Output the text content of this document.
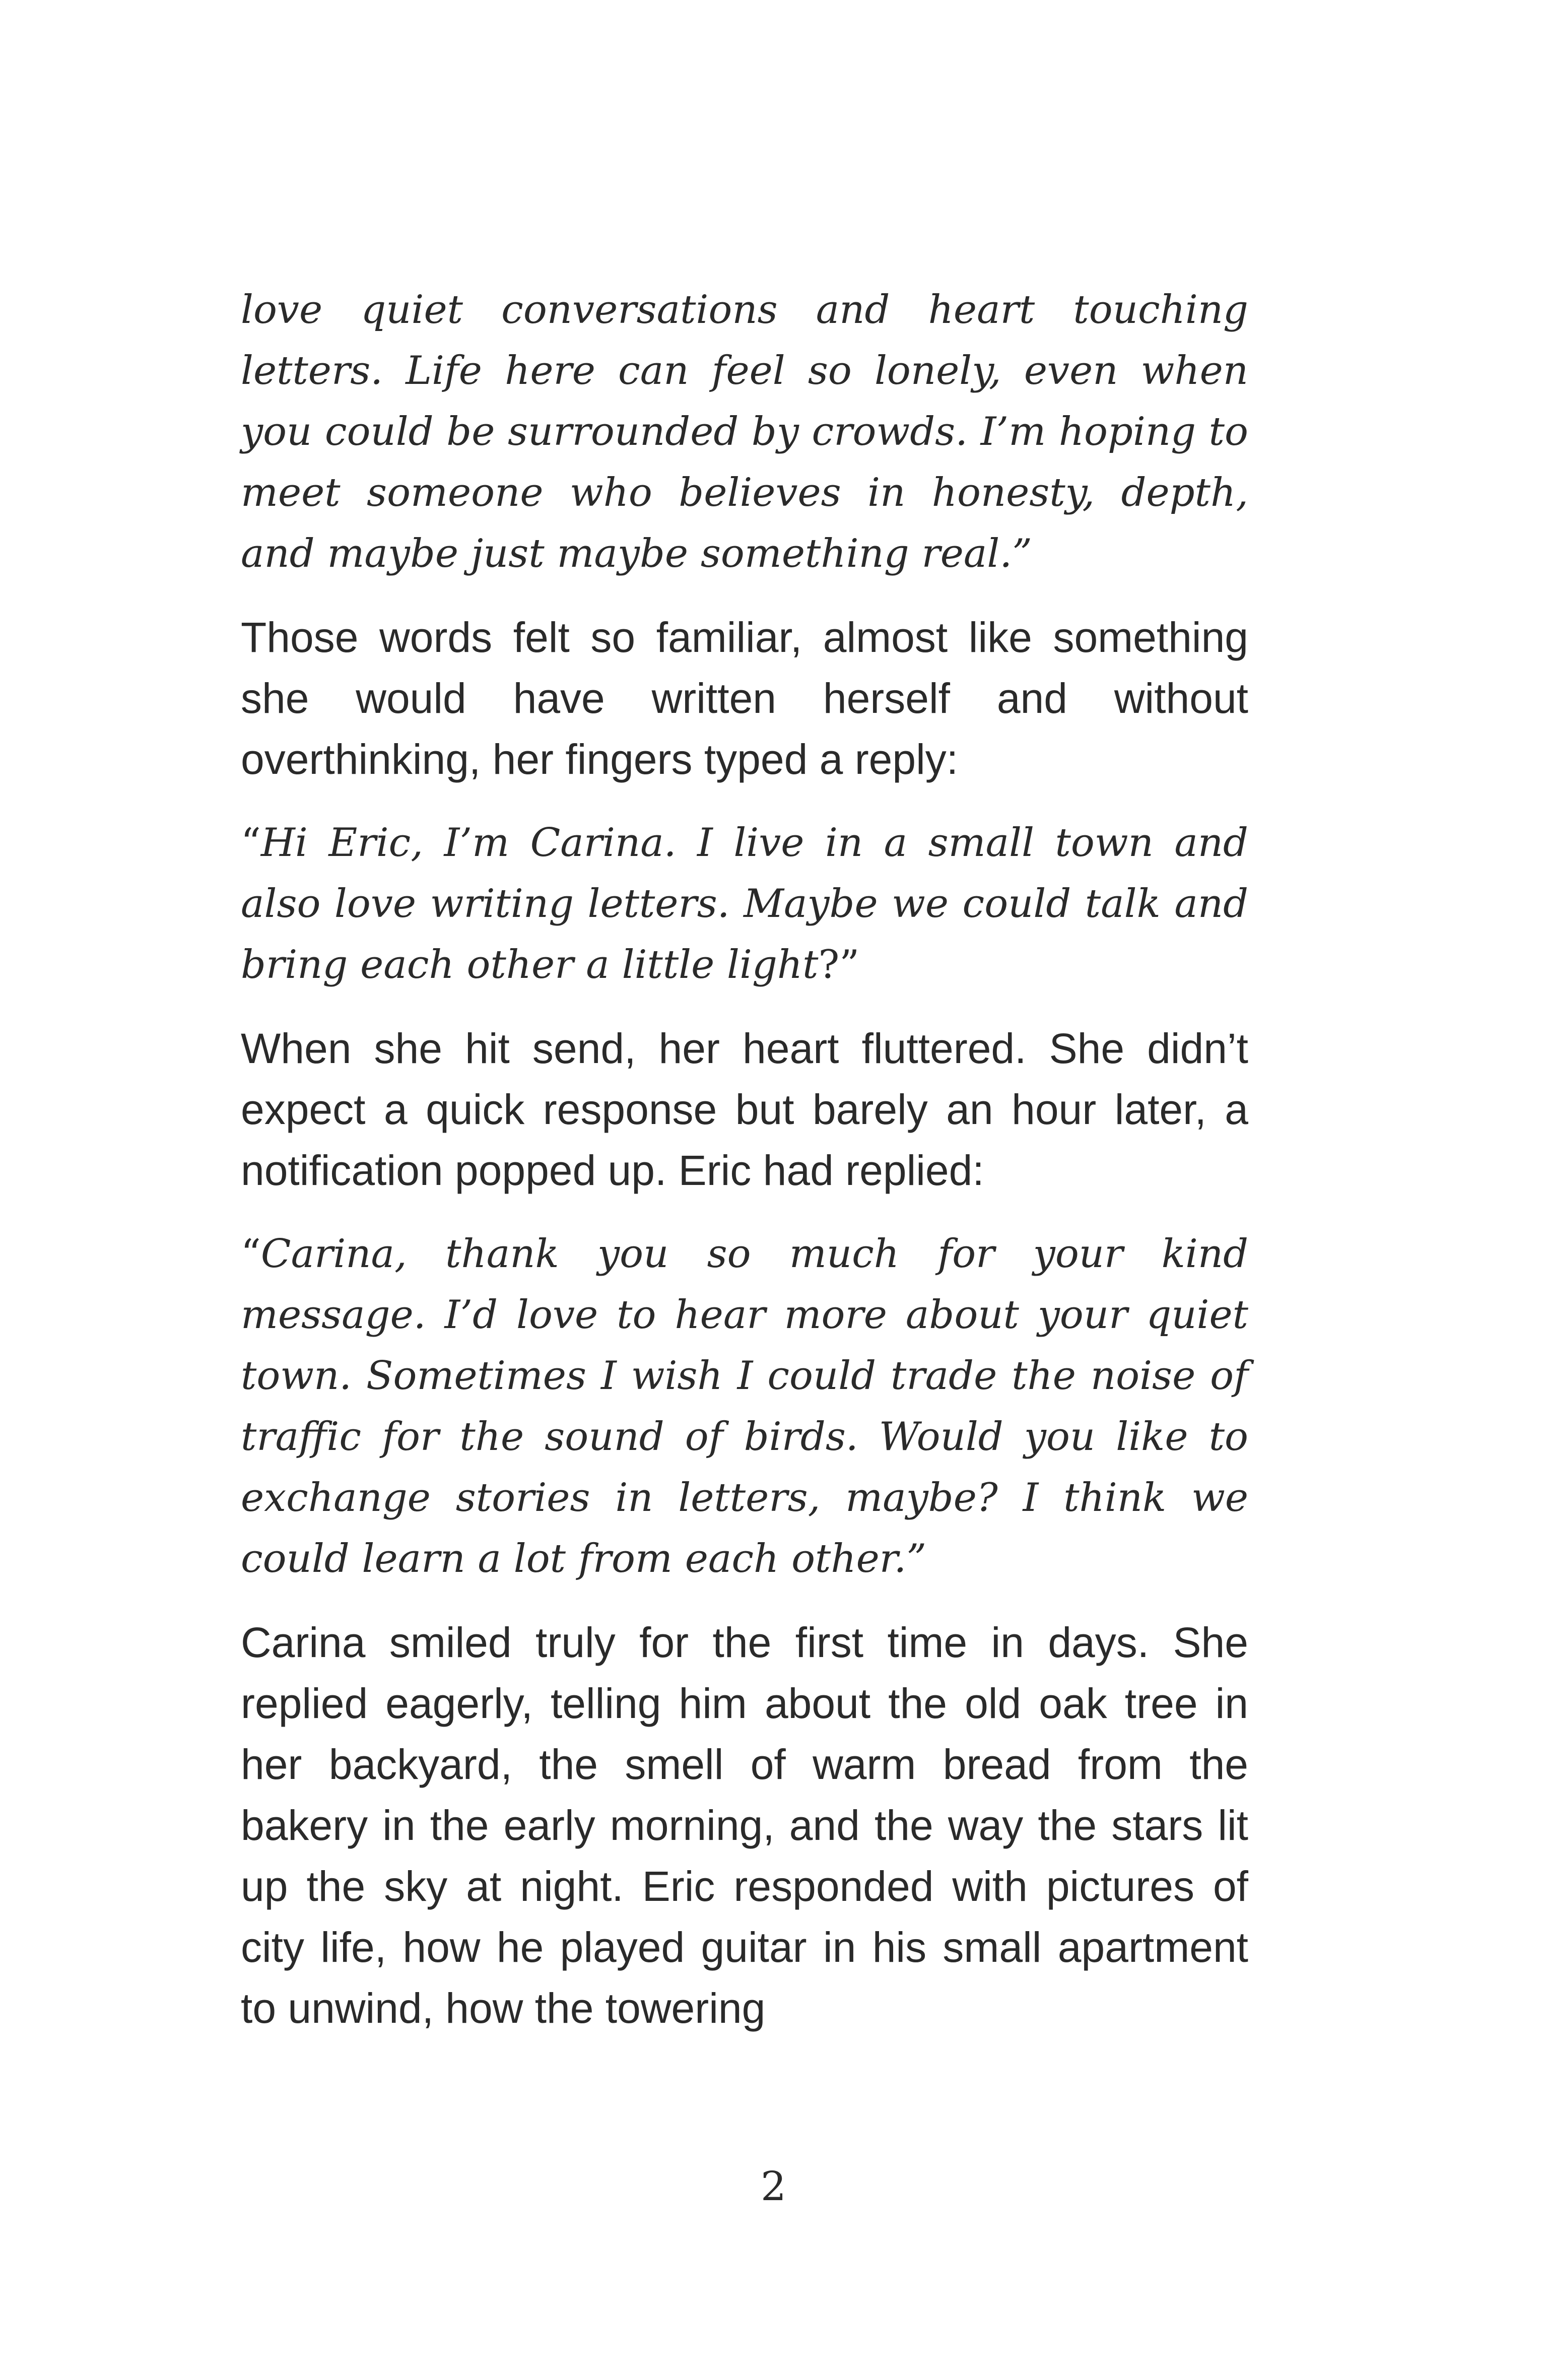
love quiet conversations and heart touching letters. Life here can feel so lonely, even when you could be surrounded by crowds. I’m hoping to meet someone who believes in honesty, depth, and maybe just maybe something real.”

Those words felt so familiar, almost like something she would have written herself and without overthinking, her fingers typed a reply:

“Hi Eric, I’m Carina. I live in a small town and also love writing letters. Maybe we could talk and bring each other a little light?”

When she hit send, her heart fluttered. She didn’t expect a quick response but barely an hour later, a notification popped up. Eric had replied:

“Carina, thank you so much for your kind message. I’d love to hear more about your quiet town. Sometimes I wish I could trade the noise of traffic for the sound of birds. Would you like to exchange stories in letters, maybe? I think we could learn a lot from each other.”

Carina smiled truly for the first time in days. She replied eagerly, telling him about the old oak tree in her backyard, the smell of warm bread from the bakery in the early morning, and the way the stars lit up the sky at night. Eric responded with pictures of city life, how he played guitar in his small apartment to unwind, how the towering

2
